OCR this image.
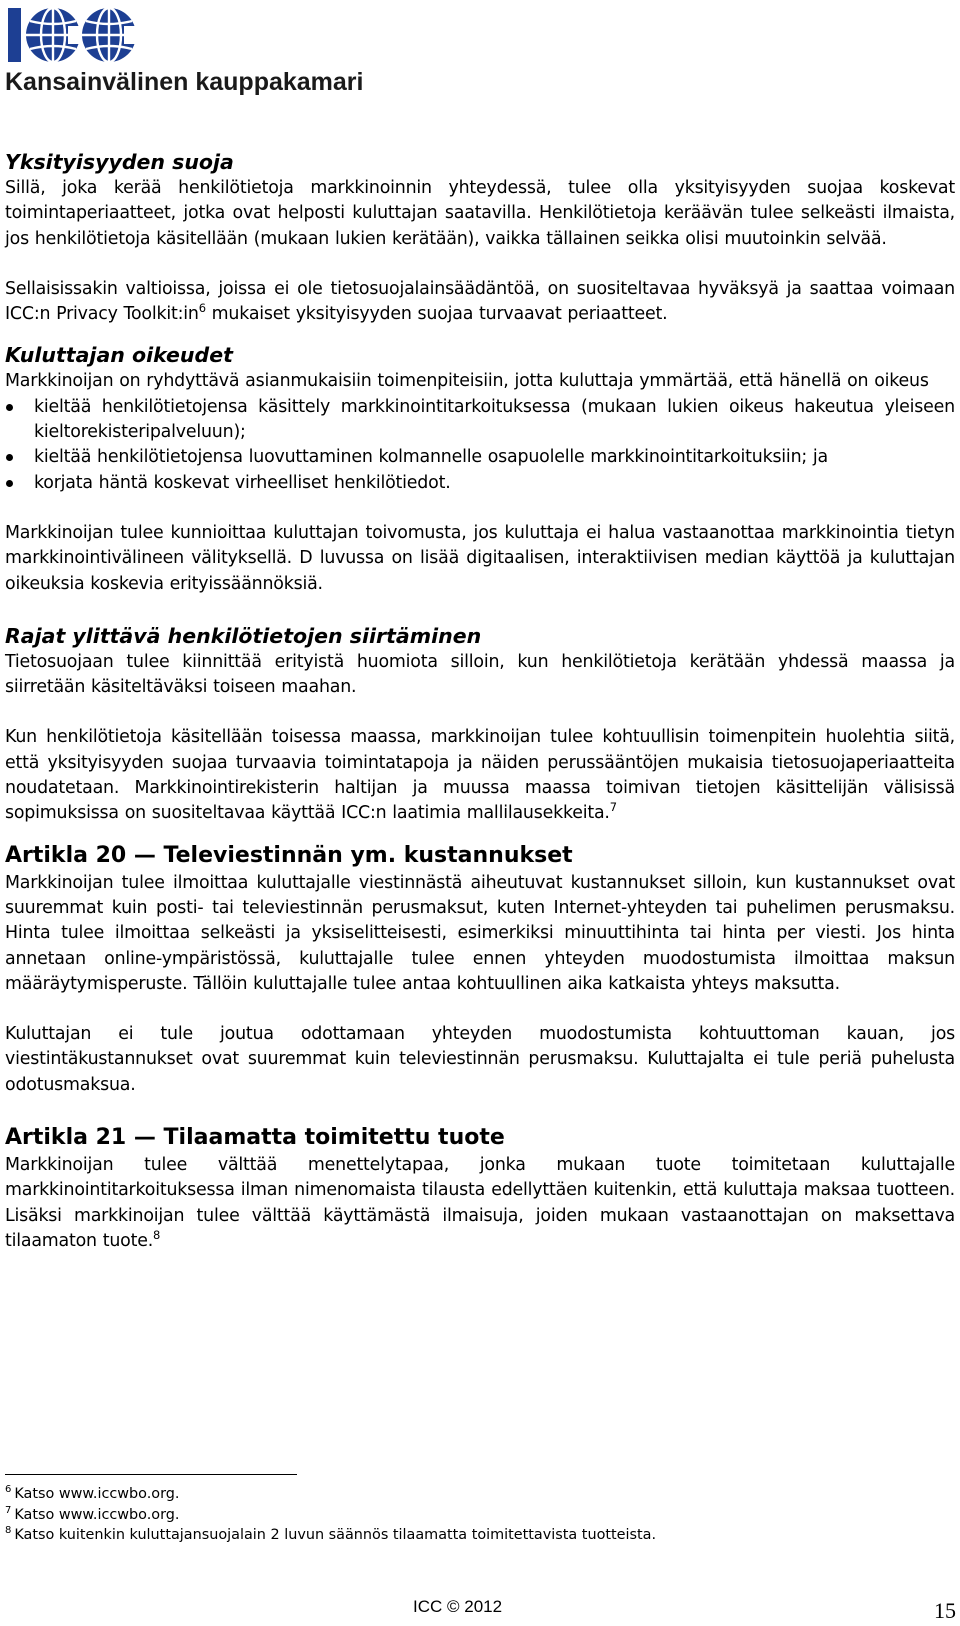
Kansainvälinen kauppakamari
Yksityisyyden suoja

Sillä, joka kerää henkilötietoja markkinoinnin yhteydessä, tulee olla yksityisyyden suojaa koskevat toimintaperiaatteet, jotka ovat helposti kuluttajan saatavilla. Henkilötietoja keräävän tulee selkeästi ilmaista, jos henkilötietoja käsitellään (mukaan lukien kerätään), vaikka tällainen seikka olisi muutoinkin selvää.

Sellaisissakin valtioissa, joissa ei ole tietosuojalainsäädäntöä, on suositeltavaa hyväksyä ja saattaa voimaan ICC:n Privacy $Toolkit:in^6$ mukaiset yksityisyyden suojaa turvaavat periaatteet.

Kuluttajan oikeudet

Markkinoijan on ryhdyttävä asianmukaisiin toimenpiteisiin, jotta kuluttaja ymmärtää, että hänellä on oikeus

kieltää henkilötietojensa käsittely markkinointitarkoituksessa (mukaan lukien oikeus hakeutua yleiseen kieltorekisteripalveluun);
kieltää henkilötietojensa luovuttaminen kolmannelle osapuolelle markkinointitarkoituksiin; ja
korjata häntä koskevat virheelliset henkilötiedot.

Markkinoijan tulee kunnioittaa kuluttajan toivomusta, jos kuluttaja ei halua vastaanottaa markkinointia tietyn markkinointivälineen välityksellä. D luvussa on lisää digitaalisen, interaktiivisen median käyttöä ja kuluttajan oikeuksia koskevia erityissäännöksiä.

Rajat ylittävä henkilötietojen siirtäminen

Tietosuojaan tulee kiinnittää erityistä huomiota silloin, kun henkilötietoja kerätään yhdessä maassa ja siirretään käsiteltäväksi toiseen maahan.

Kun henkilötietoja käsitellään toisessa maassa, markkinoijan tulee kohtuullisin toimenpitein huolehtia siitä, että yksityisyyden suojaa turvaavia toimintatapoja ja näiden perussääntöjen mukaisia tietosuojaperiaatteita noudatetaan. Markkinointirekisterin haltijan ja muussa maassa toimivan tietojen käsittelijän välisissä sopimuksissa on suositeltavaa käyttää ICC:n laatimia mallilausekkeita.$^7$

Artikla 20 — Televiestinnän ym. kustannukset

Markkinoijan tulee ilmoittaa kuluttajalle viestinnästä aiheutuvat kustannukset silloin, kun kustannukset ovat suuremmat kuin posti- tai televiestinnän perusmaksut, kuten Internet-yhteyden tai puhelimen perusmaksu. Hinta tulee ilmoittaa selkeästi ja yksiselitteisesti, esimerkiksi minuuttihinta tai hinta per viesti. Jos hinta annetaan online-ympäristössä, kuluttajalle tulee ennen yhteyden muodostumista ilmoittaa maksun määräytymisperuste. Tällöin kuluttajalle tulee antaa kohtuullinen aika katkaista yhteys maksutta.

Kuluttajan ei tule joutua odottamaan yhteyden muodostumista kohtuuttoman kauan, jos viestintäkustannukset ovat suuremmat kuin televiestinnän perusmaksu. Kuluttajalta ei tule periä puhelusta odotusmaksua.

Artikla 21 — Tilaamatta toimitettu tuote

Markkinoijan tulee välttää menettelytapaa, jonka mukaan tuote toimitetaan kuluttajalle markkinointitarkoituksessa ilman nimenomaista tilausta edellyttäen kuitenkin, että kuluttaja maksaa tuotteen. Lisäksi markkinoijan tulee välttää käyttämästä ilmaisuja, joiden mukaan vastaanottajan on maksettava tilaamaton tuote.$^8$

$^6$ Katso www.iccwbo.org.
$^7$ Katso www.iccwbo.org.
$^8$ Katso kuitenkin kuluttajansuojalain 2 luvun säännös tilaamatta toimitettavista tuotteista.
ICC © 2012	15
